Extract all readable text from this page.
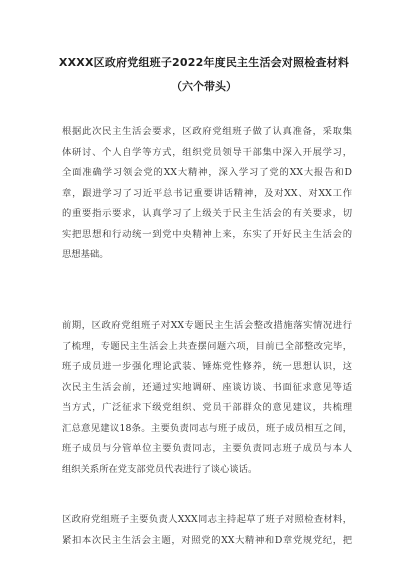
XXXX区政府党组班子2022年度民主生活会对照检查材料
（六个带头）
根据此次民主生活会要求，区政府党组班子做了认真准备，采取集
体研讨、个人自学等方式，组织党员领导干部集中深入开展学习，
全面准确学习领会党的XX大精神，深入学习了党的XX大报告和D
章，跟进学习了习近平总书记重要讲话精神，及对XX、对XX工作
的重要指示要求，认真学习了上级关于民主生活会的有关要求，切
实把思想和行动统一到党中央精神上来，东实了开好民主生活会的
思想基础。
前期，区政府党组班子对XX专题民主生活会整改措施落实情况进行
了梳理，专题民主生活会上共查摆问题六项，目前已全部整改完毕，
班子成员进一步强化理论武装、锤炼党性修养，统一思想认识，这
次民主生活会前，还通过实地调研、座谈访谈、书面征求意见等适
当方式，广泛征求下级党组织、党员干部群众的意见建议，共梳理
汇总意见建议18条。主要负责同志与班子成员，班子成员相互之间，
班子成员与分管单位主要负责同志，主要负责同志班子成员与本人
组织关系所在党支部党员代表进行了谈心谈话。
区政府党组班子主要负责人XXX同志主持起草了班子对照检查材料，
紧扣本次民主生活会主题，对照党的XX大精神和D章党规党纪，把
